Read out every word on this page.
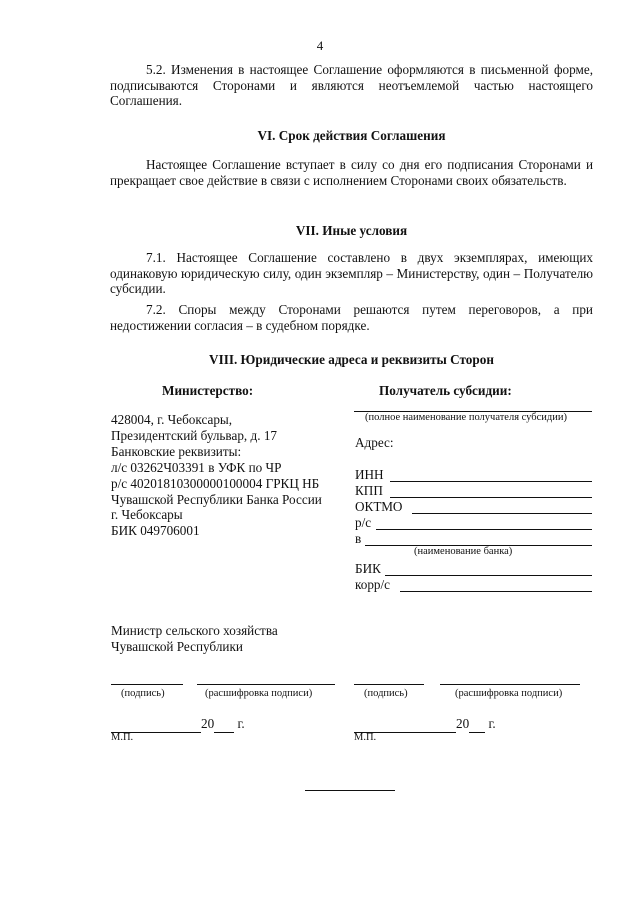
4
5.2. Изменения в настоящее Соглашение оформляются в письменной форме, подписываются Сторонами и являются неотъемлемой частью настоящего Соглашения.
VI. Срок действия Соглашения
Настоящее Соглашение вступает в силу со дня его подписания Сторонами и прекращает свое действие в связи с исполнением Сторонами своих обязательств.
VII. Иные условия
7.1. Настоящее Соглашение составлено в двух экземплярах, имеющих одинаковую юридическую силу, один экземпляр – Министерству, один – Получателю субсидии.
7.2. Споры между Сторонами решаются путем переговоров, а при недостижении согласия – в судебном порядке.
VIII. Юридические адреса и реквизиты Сторон
Министерство:	Получатель субсидии:
428004, г. Чебоксары,
Президентский бульвар, д. 17
Банковские реквизиты:
л/с 03262Ч03391 в УФК по ЧР
р/с 40201810300000100004 ГРКЦ НБ
Чувашской Республики Банка России
г. Чебоксары
БИК 049706001
(полное наименование получателя субсидии)
Адрес:
ИНН
КПП
ОКТМО
р/с
в
(наименование банка)
БИК
корр/с
Министр сельского хозяйства
Чувашской Республики
(подпись)	(расшифровка подписи)	(подпись)	(расшифровка подписи)
20 г.
М.П.
20 г.
М.П.
